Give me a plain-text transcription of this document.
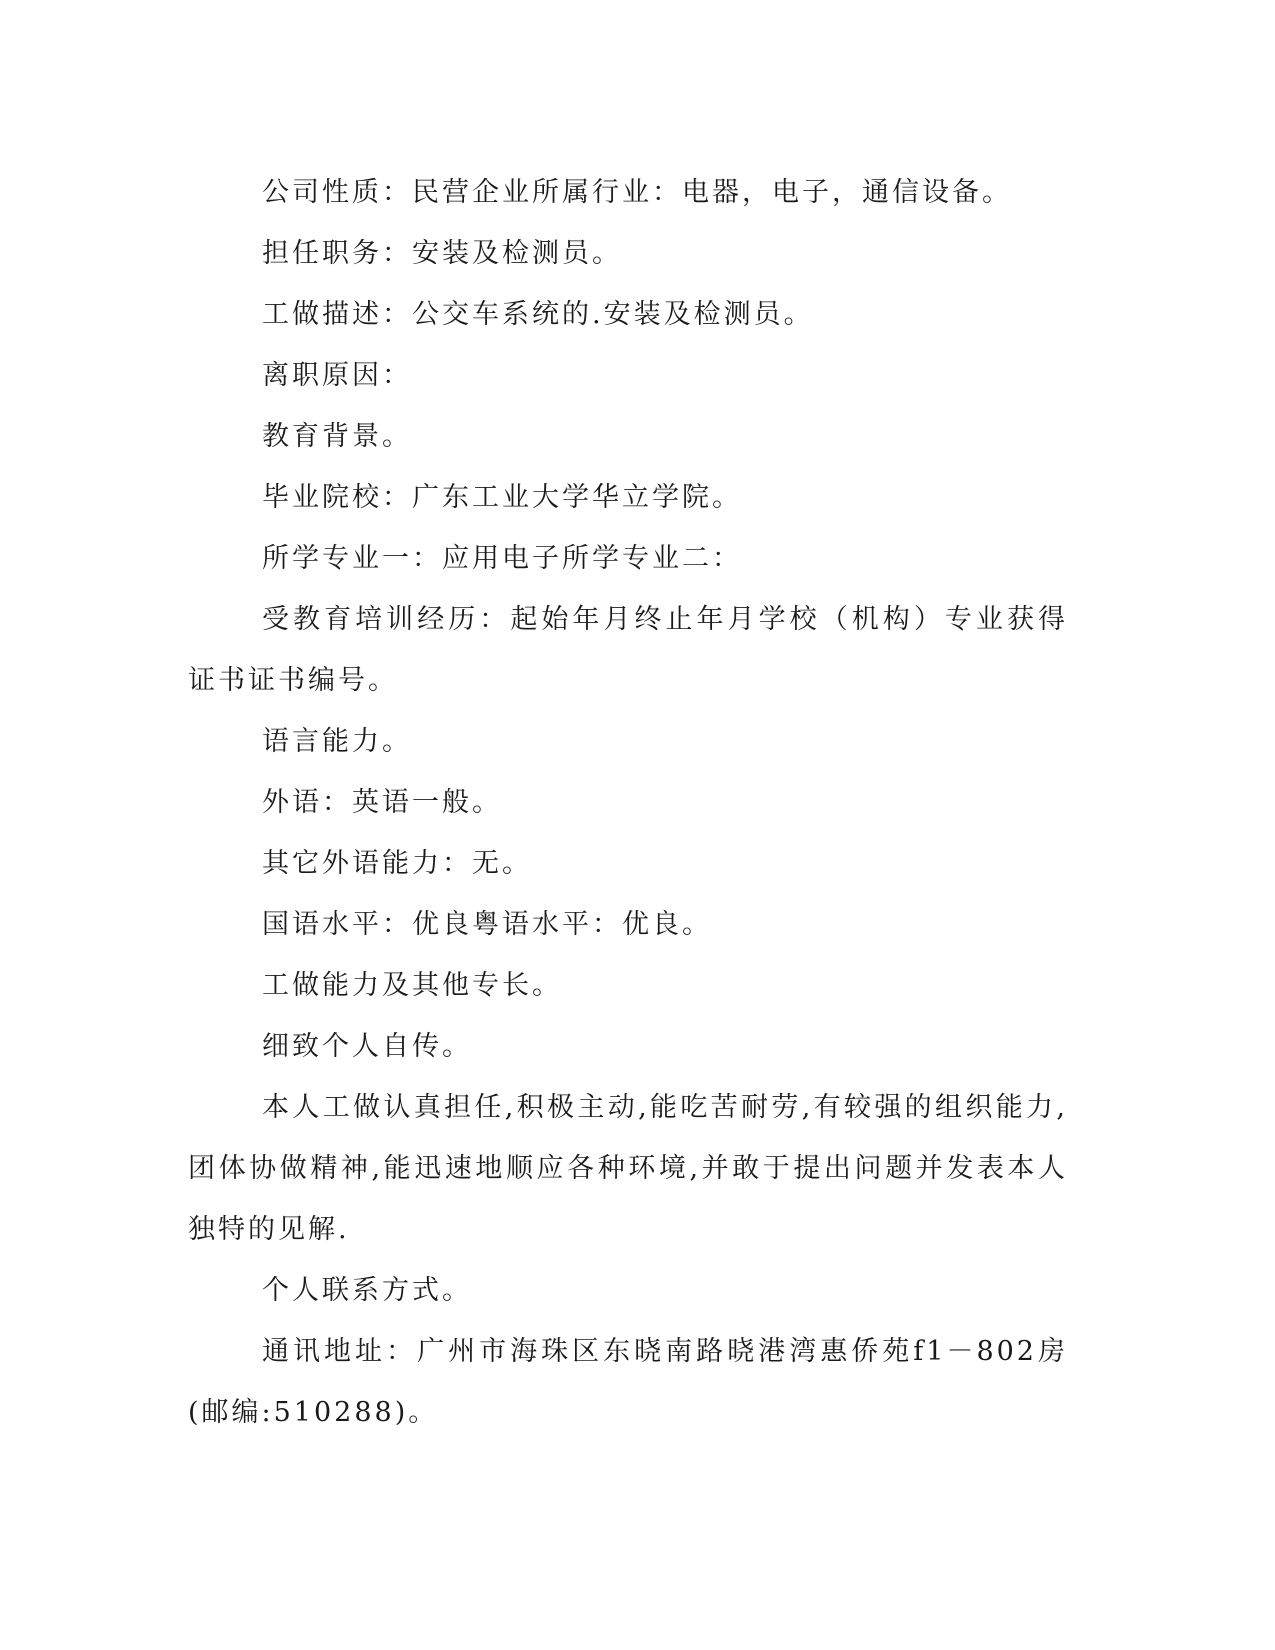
公司性质：民营企业所属行业：电器，电子，通信设备。

担任职务：安装及检测员。

工做描述：公交车系统的.安装及检测员。

离职原因：

教育背景。

毕业院校：广东工业大学华立学院。

所学专业一：应用电子所学专业二：

受教育培训经历：起始年月终止年月学校（机构）专业获得证书证书编号。

语言能力。

外语：英语一般。

其它外语能力：无。

国语水平：优良粤语水平：优良。

工做能力及其他专长。

细致个人自传。

本人工做认真担任,积极主动,能吃苦耐劳,有较强的组织能力,团体协做精神,能迅速地顺应各种环境,并敢于提出问题并发表本人独特的见解.

个人联系方式。

通讯地址：广州市海珠区东晓南路晓港湾惠侨苑f1－802房(邮编:510288)。
